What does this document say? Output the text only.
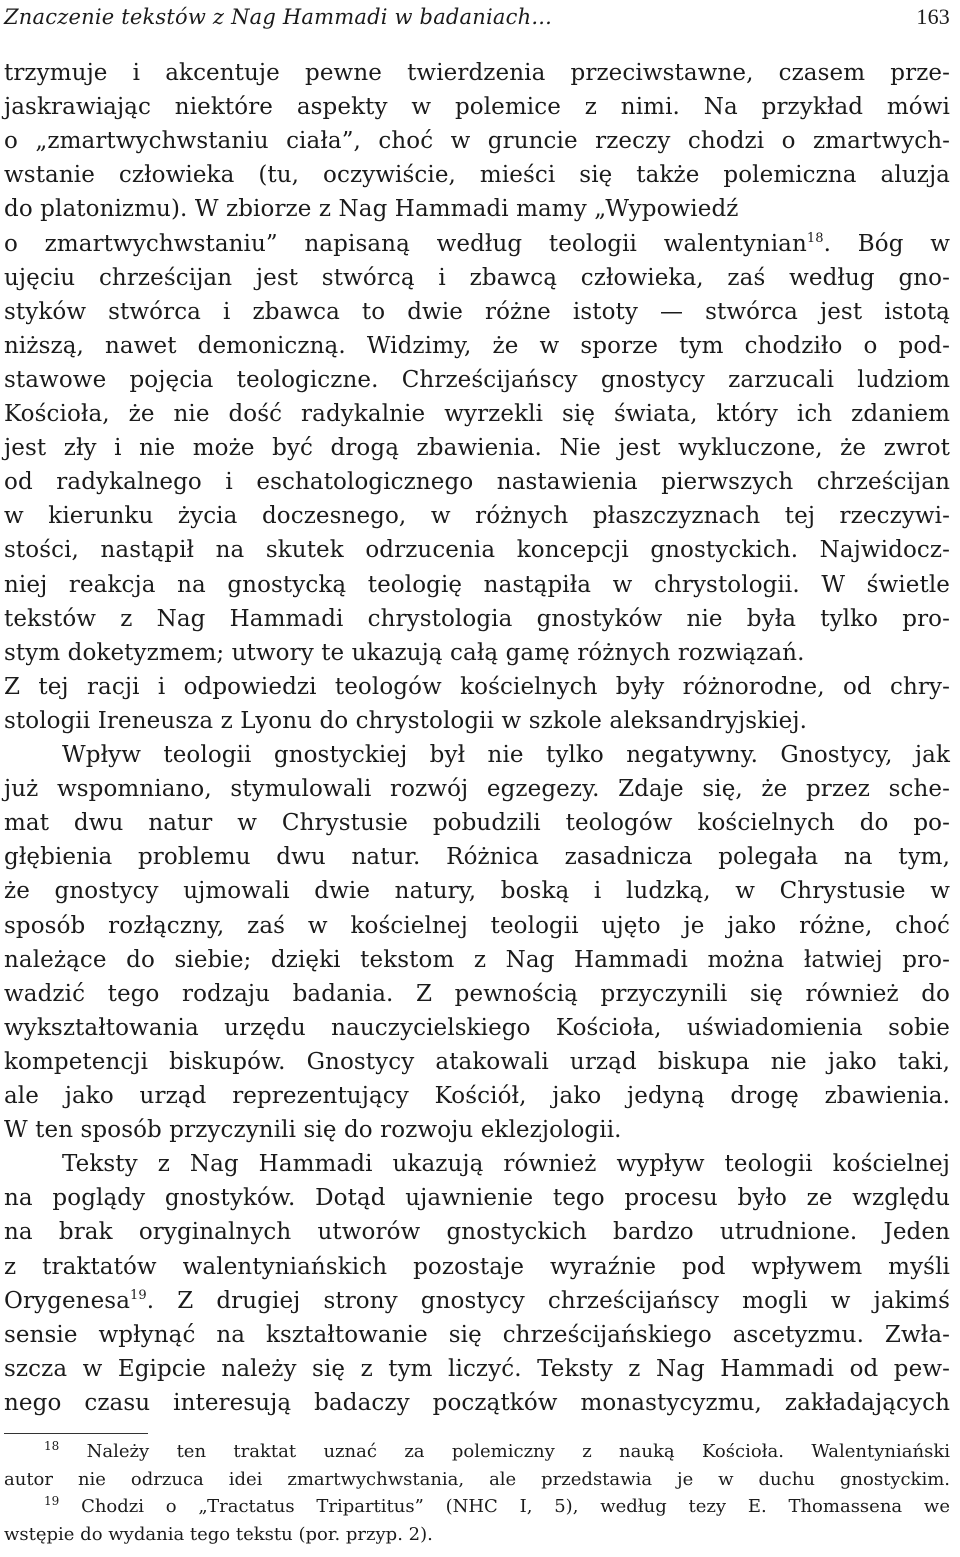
Znaczenie tekstów z Nag Hammadi w badaniach...	163
trzymuje i akcentuje pewne twierdzenia przeciwstawne, czasem prze-
jaskrawiając niektóre aspekty w polemice z nimi. Na przykład mówi
o „zmartwychwstaniu ciała”, choć w gruncie rzeczy chodzi o zmartwych-
wstanie człowieka (tu, oczywiście, mieści się także polemiczna aluzja
do platonizmu). W zbiorze z Nag Hammadi mamy „Wypowiedź
o zmartwychwstaniu” napisaną według teologii walentynian$^{18}$. Bóg w
ujęciu chrześcijan jest stwórcą i zbawcą człowieka, zaś według gno-
styków stwórca i zbawca to dwie różne istoty — stwórca jest istotą
niższą, nawet demoniczną. Widzimy, że w sporze tym chodziło o pod-
stawowe pojęcia teologiczne. Chrześcijańscy gnostycy zarzucali ludziom
Kościoła, że nie dość radykalnie wyrzekli się świata, który ich zdaniem
jest zły i nie może być drogą zbawienia. Nie jest wykluczone, że zwrot
od radykalnego i eschatologicznego nastawienia pierwszych chrześcijan
w kierunku życia doczesnego, w różnych płaszczyznach tej rzeczywi-
stości, nastąpił na skutek odrzucenia koncepcji gnostyckich. Najwidocz-
niej reakcja na gnostycką teologię nastąpiła w chrystologii. W świetle
tekstów z Nag Hammadi chrystologia gnostyków nie była tylko pro-
stym doketyzmem; utwory te ukazują całą gamę różnych rozwiązań.
Z tej racji i odpowiedzi teologów kościelnych były różnorodne, od chry-
stologii Ireneusza z Lyonu do chrystologii w szkole aleksandryjskiej.
Wpływ teologii gnostyckiej był nie tylko negatywny. Gnostycy, jak
już wspomniano, stymulowali rozwój egzegezy. Zdaje się, że przez sche-
mat dwu natur w Chrystusie pobudzili teologów kościelnych do po-
głębienia problemu dwu natur. Różnica zasadnicza polegała na tym,
że gnostycy ujmowali dwie natury, boską i ludzką, w Chrystusie w
sposób rozłączny, zaś w kościelnej teologii ujęto je jako różne, choć
należące do siebie; dzięki tekstom z Nag Hammadi można łatwiej pro-
wadzić tego rodzaju badania. Z pewnością przyczynili się również do
wykształtowania urzędu nauczycielskiego Kościoła, uświadomienia sobie
kompetencji biskupów. Gnostycy atakowali urząd biskupa nie jako taki,
ale jako urząd reprezentujący Kościół, jako jedyną drogę zbawienia.
W ten sposób przyczynili się do rozwoju eklezjologii.
Teksty z Nag Hammadi ukazują również wypływ teologii kościelnej
na poglądy gnostyków. Dotąd ujawnienie tego procesu było ze względu
na brak oryginalnych utworów gnostyckich bardzo utrudnione. Jeden
z traktatów walentyniańskich pozostaje wyraźnie pod wpływem myśli
Orygenesa$^{19}$. Z drugiej strony gnostycy chrześcijańscy mogli w jakimś
sensie wpłynąć na kształtowanie się chrześcijańskiego ascetyzmu. Zwła-
szcza w Egipcie należy się z tym liczyć. Teksty z Nag Hammadi od pew-
nego czasu interesują badaczy początków monastycyzmu, zakładających
$^{18}$ Należy ten traktat uznać za polemiczny z nauką Kościoła. Walentyniański
autor nie odrzuca idei zmartwychwstania, ale przedstawia je w duchu gnostyckim.
$^{19}$ Chodzi o „Tractatus Tripartitus” (NHC I, 5), według tezy E. Thomassena we
wstępie do wydania tego tekstu (por. przyp. 2).
